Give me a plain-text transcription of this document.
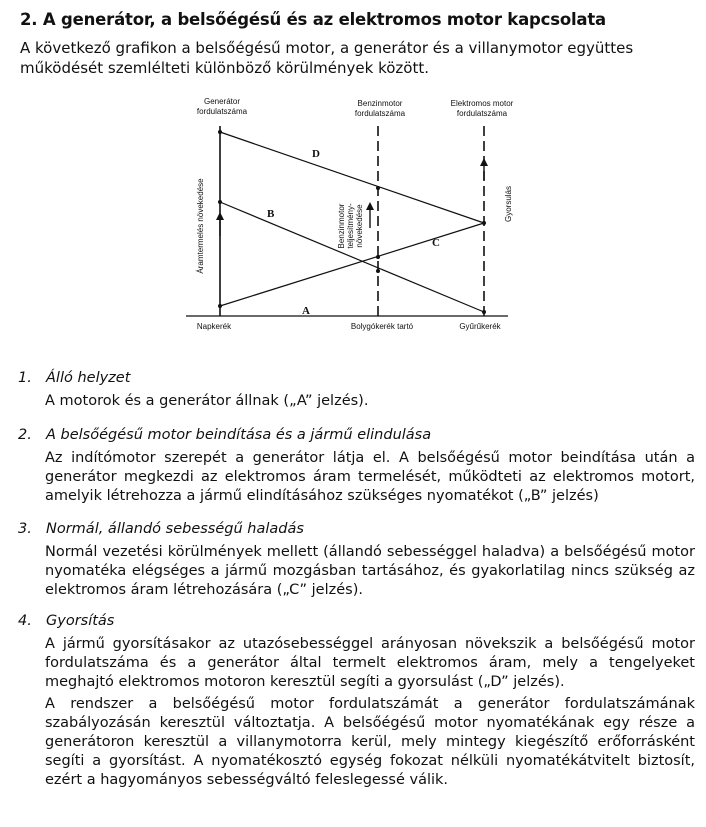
2. A generátor, a belsőégésű és az elektromos motor kapcsolata
A következő grafikon a belsőégésű motor, a generátor és a villanymotor együttes működését szemlélteti különböző körülmények között.
Generátor
fordulatszáma
Benzinmotor
fordulatszáma
Elektromos motor
fordulatszáma
Napkerék	Bolygókerék tartó	Gyűrűkerék
Áramtermelés növekedése	Benzinmotor teljesítmény- növekedése
Gyorsulás
D
B
C
A
1. Álló helyzet

A motorok és a generátor állnak („A” jelzés).

2. A belsőégésű motor beindítása és a jármű elindulása

Az indítómotor szerepét a generátor látja el. A belsőégésű motor beindítása után a generátor megkezdi az elektromos áram termelését, működteti az elektromos motort, amelyik létrehozza a jármű elindításához szükséges nyomatékot („B” jelzés)

3. Normál, állandó sebességű haladás

Normál vezetési körülmények mellett (állandó sebességgel haladva) a belsőégésű motor nyomatéka elégséges a jármű mozgásban tartásához, és gyakorlatilag nincs szükség az elektromos áram létrehozására („C” jelzés).

4. Gyorsítás

A jármű gyorsításakor az utazósebességgel arányosan növekszik a belsőégésű motor fordulatszáma és a generátor által termelt elektromos áram, mely a tengelyeket meghajtó elektromos motoron keresztül segíti a gyorsulást („D” jelzés).

A rendszer a belsőégésű motor fordulatszámát a generátor fordulatszámának szabályozásán keresztül változtatja. A belsőégésű motor nyomatékának egy része a generátoron keresztül a villanymotorra kerül, mely mintegy kiegészítő erőforrásként segíti a gyorsítást. A nyomatékosztó egység fokozat nélküli nyomatékátvitelt biztosít, ezért a hagyományos sebességváltó feleslegessé válik.
